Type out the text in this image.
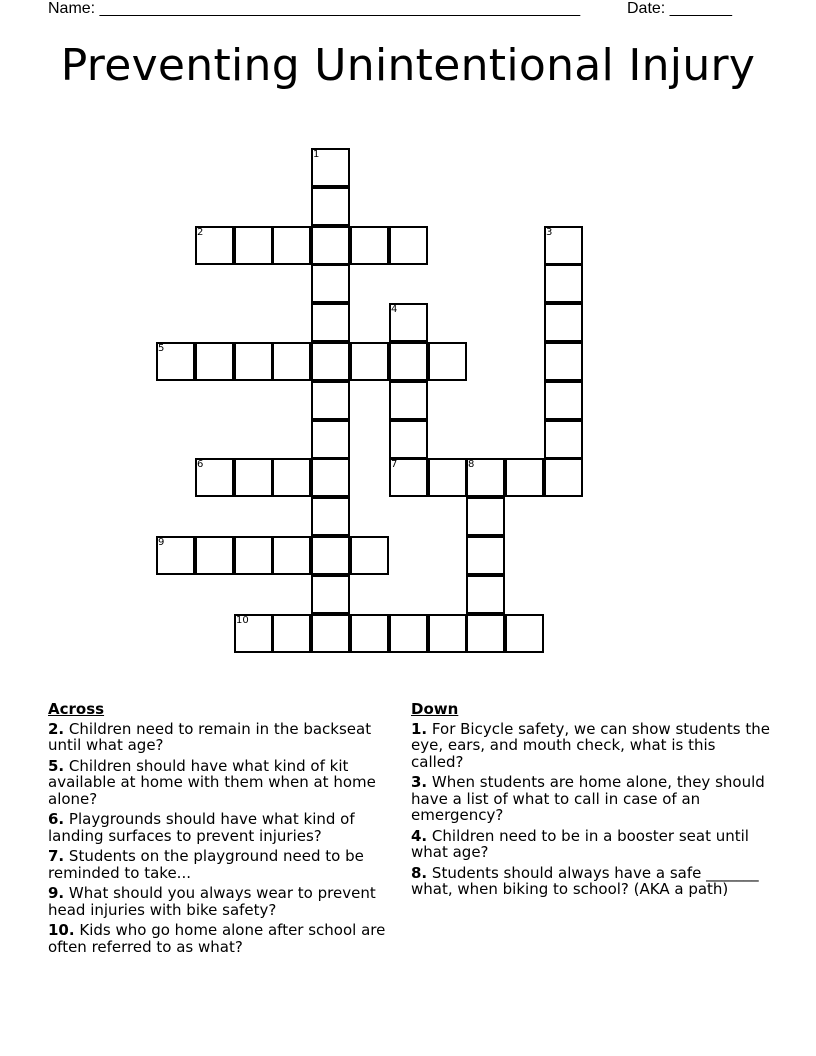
Name: ______________________________________________________	Date: _______
Preventing Unintentional Injury
1
2	3
4
7
5
6	8
9
10
Across
2. Children need to remain in the backseat until what age?
5. Children should have what kind of kit available at home with them when at home alone?
6. Playgrounds should have what kind of landing surfaces to prevent injuries?
7. Students on the playground need to be reminded to take...
9. What should you always wear to prevent head injuries with bike safety?
10. Kids who go home alone after school are often referred to as what?
Down
1. For Bicycle safety, we can show students the eye, ears, and mouth check, what is this called?
3. When students are home alone, they should have a list of what to call in case of an emergency?
4. Children need to be in a booster seat until what age?
8. Students should always have a safe _______ what, when biking to school? (AKA a path)
